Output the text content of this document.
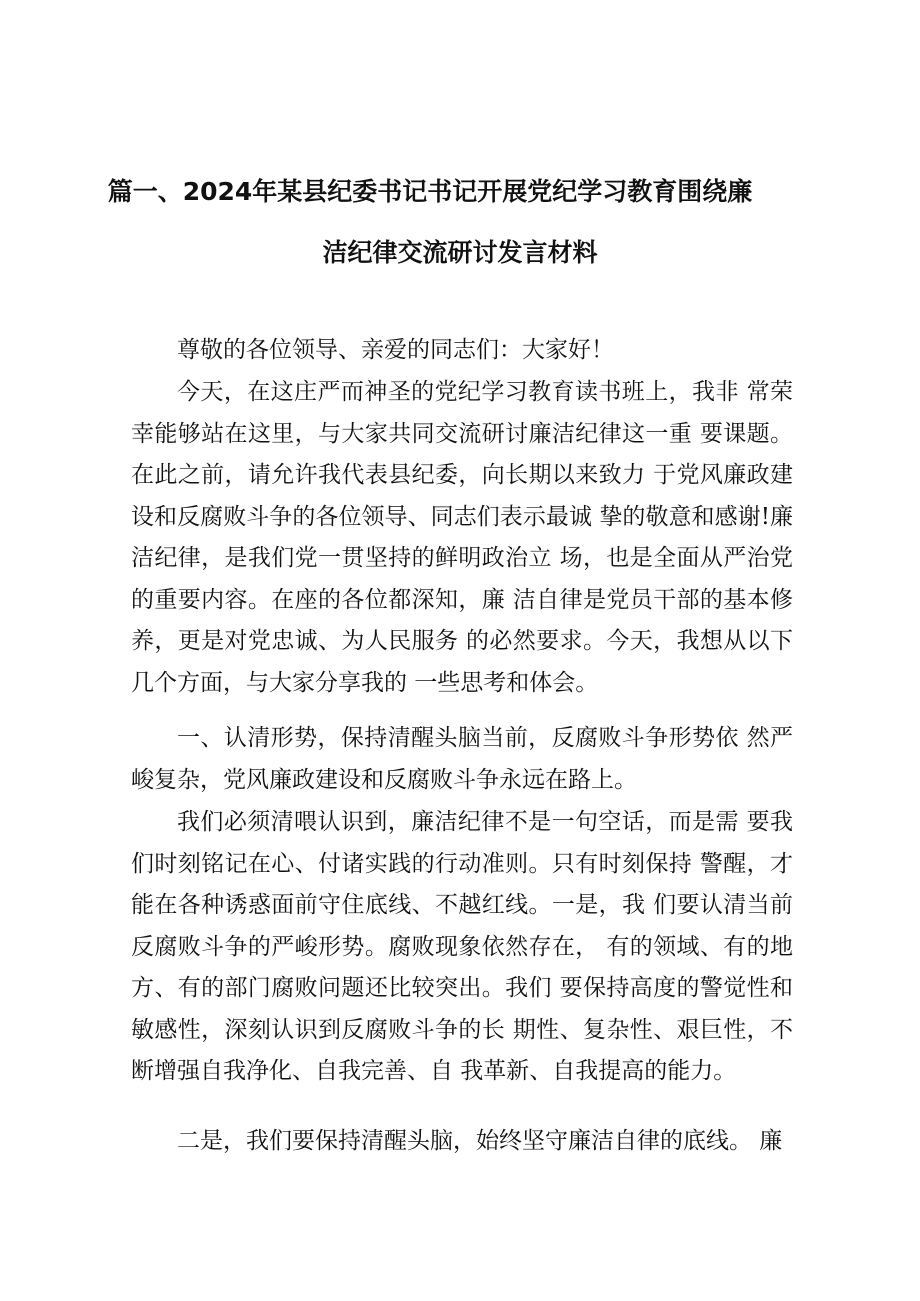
篇一、2024年某县纪委书记书记开展党纪学习教育围绕廉
洁纪律交流研讨发言材料

尊敬的各位领导、亲爱的同志们：大家好！

今天，在这庄严而神圣的党纪学习教育读书班上，我非 常荣幸能够站在这里，与大家共同交流研讨廉洁纪律这一重 要课题。在此之前，请允许我代表县纪委，向长期以来致力 于党风廉政建设和反腐败斗争的各位领导、同志们表示最诚 挚的敬意和感谢!廉洁纪律，是我们党一贯坚持的鲜明政治立 场，也是全面从严治党的重要内容。在座的各位都深知，廉 洁自律是党员干部的基本修养，更是对党忠诚、为人民服务 的必然要求。今天，我想从以下几个方面，与大家分享我的 一些思考和体会。

一、认清形势，保持清醒头脑当前，反腐败斗争形势依 然严峻复杂，党风廉政建设和反腐败斗争永远在路上。

我们必须清喂认识到，廉洁纪律不是一句空话，而是需 要我们时刻铭记在心、付诸实践的行动准则。只有时刻保持 警醒，才能在各种诱惑面前守住底线、不越红线。一是，我 们要认清当前反腐败斗争的严峻形势。腐败现象依然存在， 有的领域、有的地方、有的部门腐败问题还比较突出。我们 要保持高度的警觉性和敏感性，深刻认识到反腐败斗争的长 期性、复杂性、艰巨性，不断增强自我净化、自我完善、自 我革新、自我提高的能力。

二是，我们要保持清醒头脑，始终坚守廉洁自律的底线。 廉
